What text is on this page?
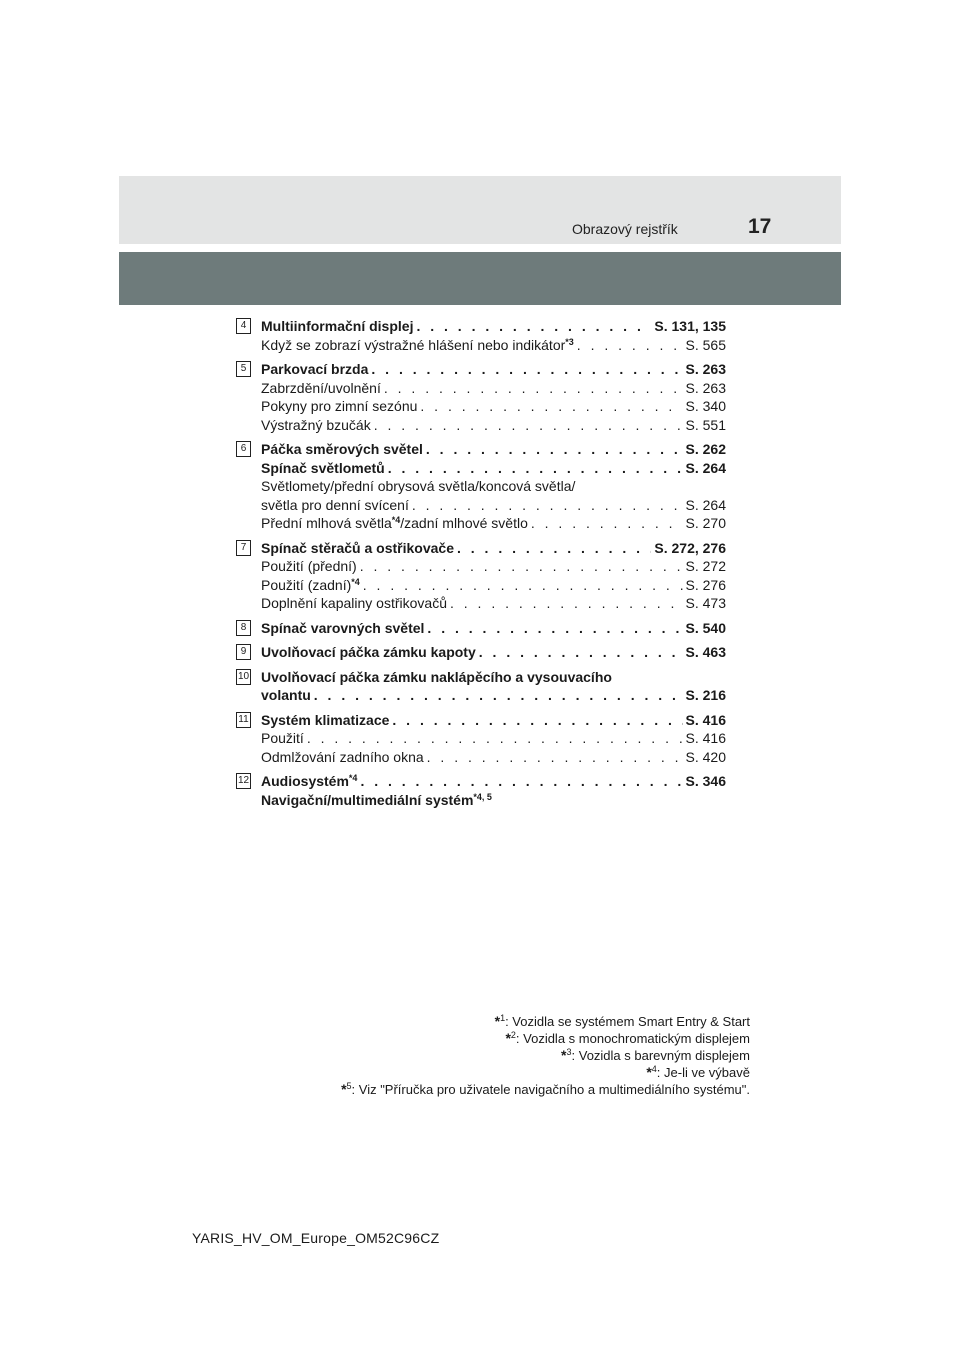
Obrazový rejstřík	17
4	Multiinformační displej . . .	S. 131, 135
Když se zobrazí výstražné hlášení nebo indikátor$^{*3}$ . . .	S. 565
5	Parkovací brzda . . .	S. 263
Zabrzdění/uvolnění . . .	S. 263
Pokyny pro zimní sezónu . . .	S. 340
Výstražný bzučák . . .	S. 551
6	Páčka směrových světel . . .	S. 262
Spínač světlometů . . .	S. 264
Světlomety/přední obrysová světla/koncová světla/
světla pro denní svícení . . .	S. 264
Přední mlhová světla$^{*4}$/zadní mlhové světlo . . .	S. 270
7	Spínač stěračů a ostřikovače . . .	S. 272, 276
Použití (přední) . . .	S. 272
Použití (zadní)$^{*4}$ . . .	S. 276
Doplnění kapaliny ostřikovačů . . .	S. 473
8	Spínač varovných světel . . .	S. 540
9	Uvolňovací páčka zámku kapoty . . .	S. 463
10 Uvolňovací páčka zámku naklápěcího a vysouvacího
volantu . . .	S. 216
11 Systém klimatizace . . .	S. 416
Použití . . .	S. 416
Odmlžování zadního okna . . .	S. 420
12 Audiosystém$^{*4}$ . . .	S. 346
Navigační/multimediální systém$^{*4, 5}$
$^{*1}$: Vozidla se systémem Smart Entry & Start
$^{*2}$: Vozidla s monochromatickým displejem
$^{*3}$: Vozidla s barevným displejem
$^{*4}$: Je-li ve výbavě
$^{*5}$: Viz "Příručka pro uživatele navigačního a multimediálního systému".
YARIS_HV_OM_Europe_OM52C96CZ
